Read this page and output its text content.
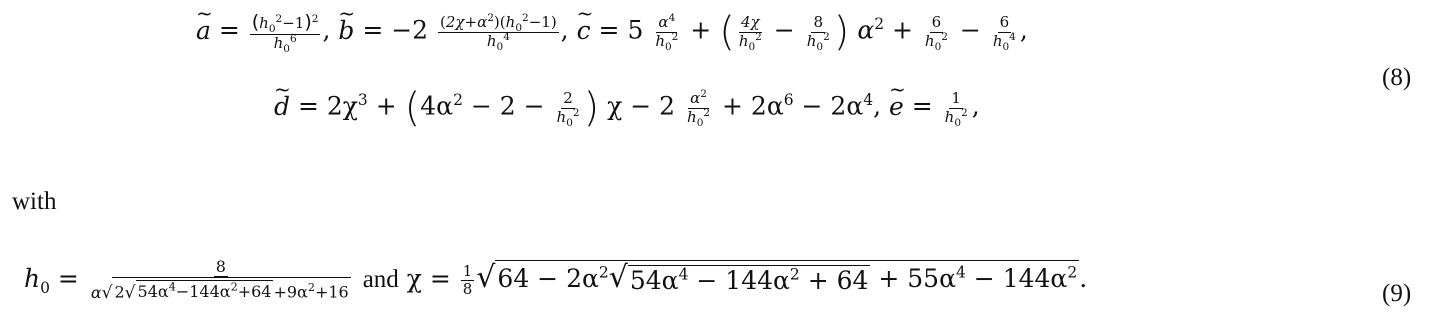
a ~ = $\frac{(h_0^2-1)^2}{h_0^6}$ , b ~ = $-2 \frac{(2\chi+\alpha^2)(h_0^2-1)}{h_0^4}$ , c ~ = $5 \frac{\alpha^4}{h_0^2}$ + ( $\frac{4\chi}{h_0^2} - \frac{8}{h_0^2}$ ) $\alpha^2 + \frac{6}{h_0^2} - \frac{6}{h_0^4}$ ,
d ~ = $2\chi^3 + (4\alpha^2 - 2 - \frac{2}{h_0^2}$ ) $\chi - 2 \frac{\alpha^2}{h_0^2} + 2\alpha^6 - 2\alpha^4$, e ~ = $\frac{1}{h_0^2}$ ,
(8)
with
$h_0 = \frac{8}{\alpha √ 2 √ 54\alpha^4-144\alpha^2+64 +9\alpha^2+16}$ and $\chi = \frac{1}{8}$ √ $64 - 2\alpha^2$ √ $54\alpha^4 - 144\alpha^2 + 64 + 55\alpha^4 - 144\alpha^2$ .
(9)
